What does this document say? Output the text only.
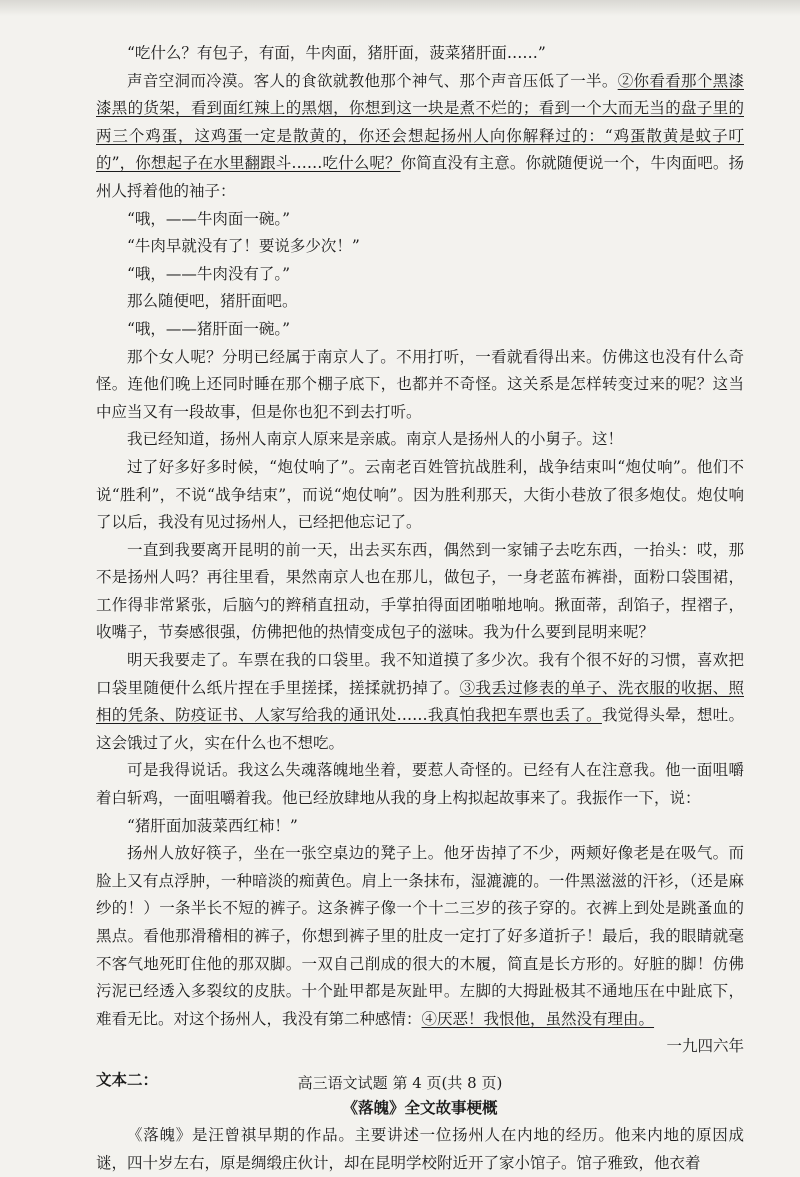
“吃什么？有包子，有面，牛肉面，猪肝面，菠菜猪肝面……”

声音空洞而冷漠。客人的食欲就教他那个神气、那个声音压低了一半。②你看看那个黑漆漆黑的货架，看到面红辣上的黑烟，你想到这一块是煮不烂的；看到一个大而无当的盘子里的两三个鸡蛋，这鸡蛋一定是散黄的，你还会想起扬州人向你解释过的：“鸡蛋散黄是蚊子叮的”，你想起子在水里翻跟斗……吃什么呢？你简直没有主意。你就随便说一个，牛肉面吧。扬州人捋着他的袖子：

“哦，——牛肉面一碗。”

“牛肉早就没有了！要说多少次！”

“哦，——牛肉没有了。”

那么随便吧，猪肝面吧。

“哦，——猪肝面一碗。”

那个女人呢？分明已经属于南京人了。不用打听，一看就看得出来。仿佛这也没有什么奇怪。连他们晚上还同时睡在那个棚子底下，也都并不奇怪。这关系是怎样转变过来的呢？这当中应当又有一段故事，但是你也犯不到去打听。

我已经知道，扬州人南京人原来是亲戚。南京人是扬州人的小舅子。这！

过了好多好多时候，“炮仗响了”。云南老百姓管抗战胜利，战争结束叫“炮仗响”。他们不说“胜利”，不说“战争结束”，而说“炮仗响”。因为胜利那天，大街小巷放了很多炮仗。炮仗响了以后，我没有见过扬州人，已经把他忘记了。

一直到我要离开昆明的前一天，出去买东西，偶然到一家铺子去吃东西，一抬头：哎，那不是扬州人吗？再往里看，果然南京人也在那儿，做包子，一身老蓝布裤褂，面粉口袋围裙，工作得非常紧张，后脑勺的辫稍直扭动，手掌拍得面团啪啪地响。揪面蒂，刮馅子，捏褶子，收嘴子，节奏感很强，仿佛把他的热情变成包子的滋味。我为什么要到昆明来呢？

明天我要走了。车票在我的口袋里。我不知道摸了多少次。我有个很不好的习惯，喜欢把口袋里随便什么纸片捏在手里搓揉，搓揉就扔掉了。③我丢过修表的单子、洗衣服的收据、照相的凭条、防疫证书、人家写给我的通讯处……我真怕我把车票也丢了。我觉得头晕，想吐。这会饿过了火，实在什么也不想吃。

可是我得说话。我这么失魂落魄地坐着，要惹人奇怪的。已经有人在注意我。他一面咀嚼着白斩鸡，一面咀嚼着我。他已经放肆地从我的身上构拟起故事来了。我振作一下，说：

“猪肝面加菠菜西红柿！”

扬州人放好筷子，坐在一张空桌边的凳子上。他牙齿掉了不少，两颊好像老是在吸气。而脸上又有点浮肿，一种暗淡的痴黄色。肩上一条抹布，湿漉漉的。一件黑滋滋的汗衫，（还是麻纱的！）一条半长不短的裤子。这条裤子像一个十二三岁的孩子穿的。衣裤上到处是跳蚤血的黑点。看他那滑稽相的裤子，你想到裤子里的肚皮一定打了好多道折子！最后，我的眼睛就毫不客气地死盯住他的那双脚。一双自己削成的很大的木履，简直是长方形的。好脏的脚！仿佛污泥已经透入多裂纹的皮肤。十个趾甲都是灰趾甲。左脚的大拇趾极其不通地压在中趾底下，难看无比。对这个扬州人，我没有第二种感情：④厌恶！我恨他，虽然没有理由。

一九四六年

文本二：

《落魄》全文故事梗概

《落魄》是汪曾祺早期的作品。主要讲述一位扬州人在内地的经历。他来内地的原因成谜，四十岁左右，原是绸缎庄伙计，却在昆明学校附近开了家小馆子。馆子雅致，他衣着

高三语文试题 第 4 页(共 8 页)
